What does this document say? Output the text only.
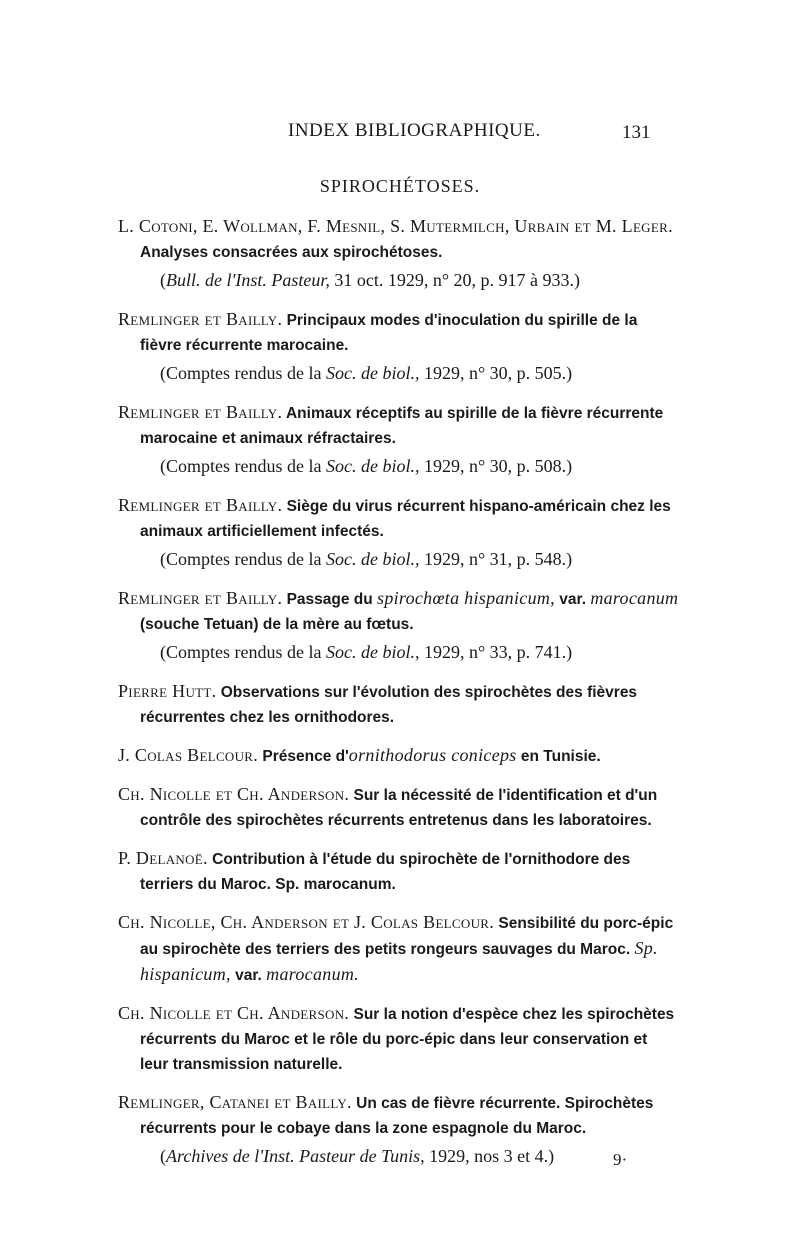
INDEX BIBLIOGRAPHIQUE.	131
SPIROCHÉTOSES.
L. Cotoni, E. Wollman, F. Mesnil, S. Mutermilch, Urbain et M. Leger. Analyses consacrées aux spirochétoses.
(Bull. de l'Inst. Pasteur, 31 oct. 1929, n° 20, p. 917 à 933.)
Remlinger et Bailly. Principaux modes d'inoculation du spirille de la fièvre récurrente marocaine.
(Comptes rendus de la Soc. de biol., 1929, n° 30, p. 505.)
Remlinger et Bailly. Animaux réceptifs au spirille de la fièvre récurrente marocaine et animaux réfractaires.
(Comptes rendus de la Soc. de biol., 1929, n° 30, p. 508.)
Remlinger et Bailly. Siège du virus récurrent hispano-américain chez les animaux artificiellement infectés.
(Comptes rendus de la Soc. de biol., 1929, n° 31, p. 548.)
Remlinger et Bailly. Passage du spirochœta hispanicum, var. marocanum (souche Tetuan) de la mère au fœtus.
(Comptes rendus de la Soc. de biol., 1929, n° 33, p. 741.)
Pierre Hutt. Observations sur l'évolution des spirochètes des fièvres récurrentes chez les ornithodores.
J. Colas Belcour. Présence d'ornithodorus coniceps en Tunisie.
Ch. Nicolle et Ch. Anderson. Sur la nécessité de l'identification et d'un contrôle des spirochètes récurrents entretenus dans les laboratoires.
P. Delanoë. Contribution à l'étude du spirochète de l'ornithodore des terriers du Maroc. Sp. marocanum.
Ch. Nicolle, Ch. Anderson et J. Colas Belcour. Sensibilité du porc-épic au spirochète des terriers des petits rongeurs sauvages du Maroc. Sp. hispanicum, var. marocanum.
Ch. Nicolle et Ch. Anderson. Sur la notion d'espèce chez les spirochètes récurrents du Maroc et le rôle du porc-épic dans leur conservation et leur transmission naturelle.
Remlinger, Catanei et Bailly. Un cas de fièvre récurrente. Spirochètes récurrents pour le cobaye dans la zone espagnole du Maroc.
(Archives de l'Inst. Pasteur de Tunis, 1929, nos 3 et 4.)	9·
